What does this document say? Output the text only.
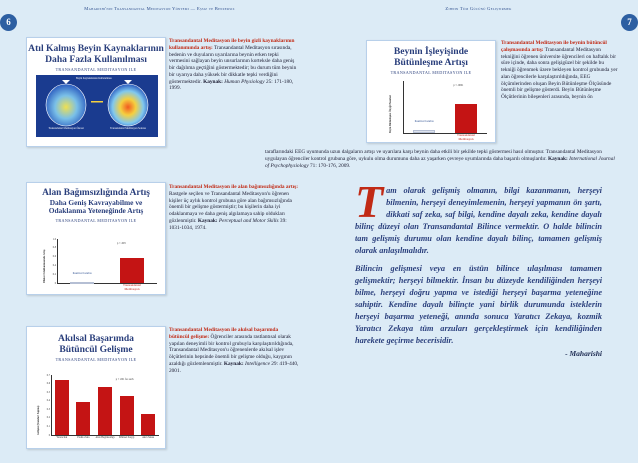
Maharishi'nin Transandantal Meditasyon Yöntemi — Eşsiz ve Benzersiz
6
Atıl Kalmış Beyin Kaynaklarının
Daha Fazla Kullanılması
TRANSANDANTAL MEDITASYON ILE
Beyin Kaynaklarının Kullanılması
Transandantal Meditasyon Öncesi	Transandantal Meditasyon Sonrası
Transandantal Meditasyon ile beyin gizli kaynaklarının kullanımında artış: Transandantal Meditasyon sırasında, bedenin ve duyuların uyarılarına beynin erken tepki vermesini sağlayan beyin unsurlarının korteksle daha geniş bir dağılıma geçtiğini göstermektedir; bu durum tüm beynin bir uyarıya daha yüksek bir dikkatle tepki verdiğini göstermektedir. Kaynak: Human Physiology 25: 171-180, 1999.
Alan Bağımsızlığında Artış
Daha Geniş Kavrayabilme ve
Odaklanma Yeteneğinde Artış
TRANSANDANTAL MEDITASYON ILE
Dikkat Odaklanmasında Artış
1.0
0.8
0.6
0.4
0.2
0
Kontrol Grubu
Transandantal Meditasyon
p < .003
Transandantal Meditasyon ile alan bağımsızlığında artış: Rastgele seçilen ve Transandantal Meditasyon'u öğrenen kişiler üç aylık kontrol grubuna göre alan bağımsızlığında önemli bir gelişme göstermiştir; bu kişilerin daha iyi odaklanmaya ve daha geniş algılamaya sahip oldukları gözlenmiştir. Kaynak: Perceptual and Motor Skills 39: 1031-1034, 1974.
Akılsal Başarımda
Bütüncül Gelişme
TRANSANDANTAL MEDITASYON ILE
Gelişme (Standart Sapma)
0.7
0.6
0.5
0.4
0.3
0.2
0.1
0
Yaratıcılık	Pratik Zeka	Alan Bağımsızlığı	Zihinsel Kaygı	Akıl Zekası
p < .001 for each
Transandantal Meditasyon ile akılsal başarımda bütüncül gelişme: Öğrenciler arasında rastlantısal olarak yapılan deneyimli bir kontrol grubuyla karşılaştırıldığında, Transandantal Meditasyon'u öğrenenlerde akılsal işlev ölçütlerinin hepsinde önemli bir gelişme olduğu, kaygının azaldığı gözlemlenmiştir. Kaynak: Intelligence 29: 419-440, 2001.
Zihnin Tüm Gücünü Geliştirmek
7
Beynin İşleyişinde
Bütünleşme Artışı
TRANSANDANTAL MEDITASYON ILE
Beyin Bütünleşme Ölçeği Puanları	Kontrol Grubu
Transandantal Meditasyon
p < .0001
Transandantal Meditasyon ile beynin bütüncül çalışmasında artış: Transandantal Meditasyon tekniğini öğrenen üniversite öğrencileri on haftalık bir süre içinde, daha sonra gelişigüzel bir şekilde bu tekniği öğrenmek üzere bekleyen kontrol grubunda yer alan öğrencilerle karşılaştırıldığında, EEG ölçümlerinden oluşan Beyin Bütünleşme Ölçüsünde önemli bir gelişme gösterdi. Beyin Bütünleşme Ölçütlerinin bileşenleri arasında, beynin ön
taraflarındaki EEG uyumunda uzun dalgaların artışı ve uyarılara karşı beynin daha etkili bir şekilde tepki göstermesi hasıl olmuştur. Transandantal Meditasyon uygulayan öğrenciler kontrol grubuna göre, uykulu olma durumunu daha az yaşarken çevreye uyumlarında daha başarılı olmuşlardır. Kaynak: International Journal of Psychophysiology 71: 170-176, 2009.
Tam olarak gelişmiş olmanın, bilgi kazanmanın, herşeyi bilmenin, herşeyi deneyimlemenin, herşeyi yapmanın ön şartı, dikkati saf zeka, saf bilgi, kendine dayalı zeka, kendine dayalı bilinç düzeyi olan Transandantal Bilince vermektir. O halde bilincin tam gelişmiş durumu olan kendine dayalı bilinç, tamamen gelişmiş olarak anlaşılmalıdır.
Bilincin gelişmesi veya en üstün bilince ulaşılması tamamen gelişmektir; herşeyi bilmektir. İnsan bu düzeyde kendiliğinden herşeyi bilme, herşeyi doğru yapma ve istediği herşeyi başarma yeteneğine sahiptir. Kendine dayalı bilinçte yani birlik durumunda isteklerin herşeyi başarma yeteneği, anında sonuca Yaratıcı Zekaya, kozmik Yaratıcı Zekaya tüm arzuları gerçekleştirmek için kendiliğinden harekete geçirme becerisidir.
- Maharishi
